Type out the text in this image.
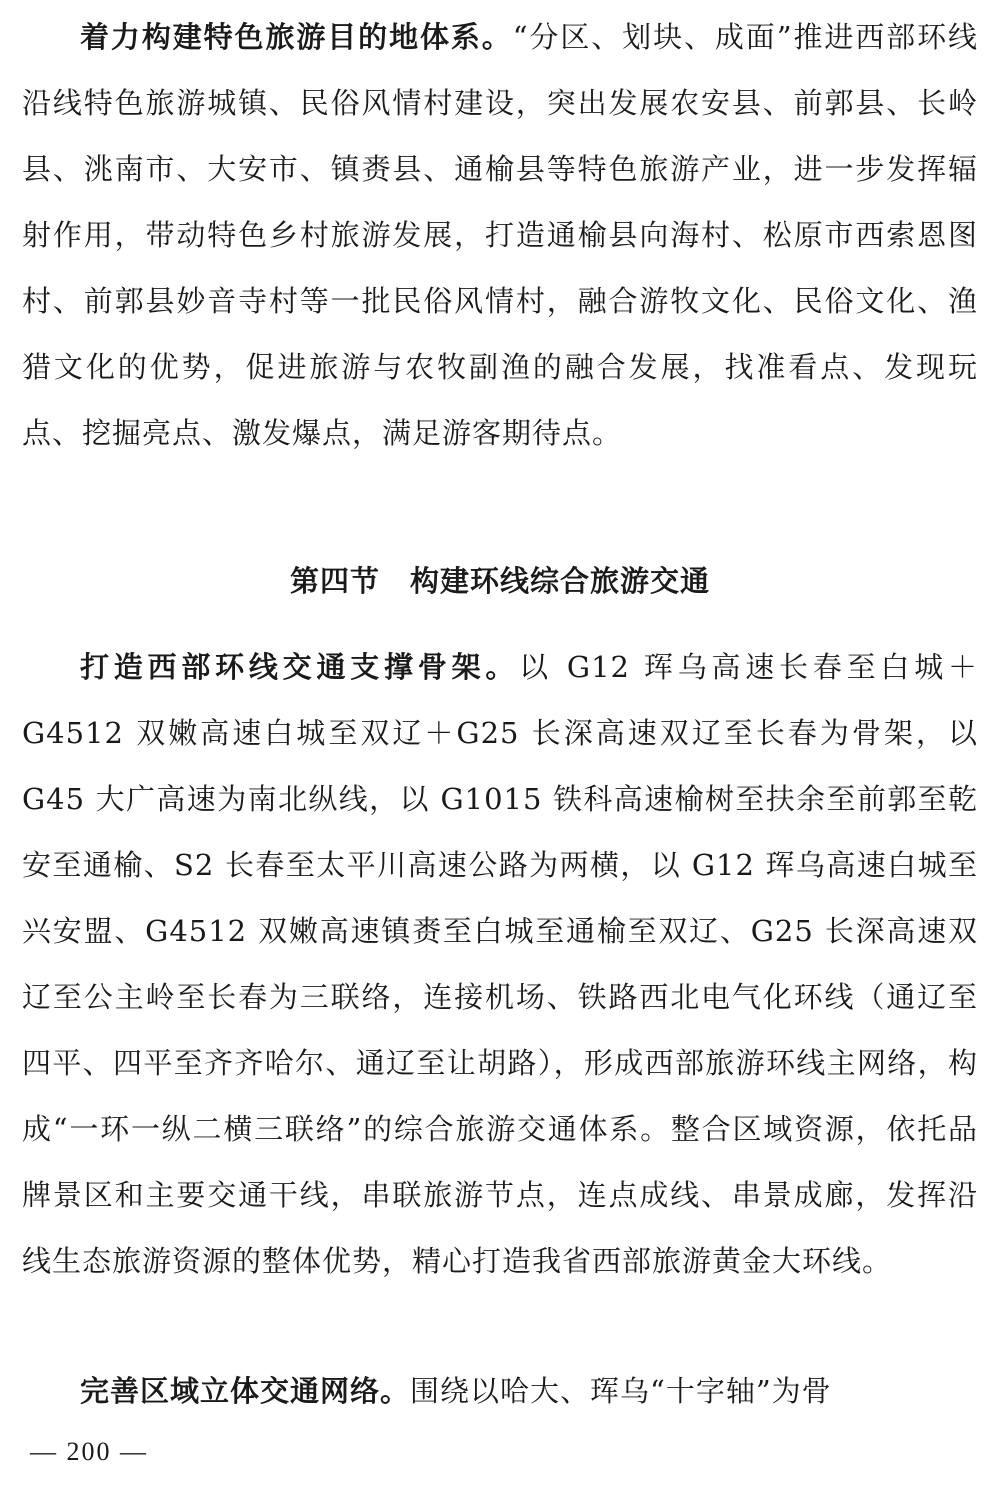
着力构建特色旅游目的地体系。“分区、划块、成面”推进西部环线沿线特色旅游城镇、民俗风情村建设，突出发展农安县、前郭县、长岭县、洮南市、大安市、镇赉县、通榆县等特色旅游产业，进一步发挥辐射作用，带动特色乡村旅游发展，打造通榆县向海村、松原市西索恩图村、前郭县妙音寺村等一批民俗风情村，融合游牧文化、民俗文化、渔猎文化的优势，促进旅游与农牧副渔的融合发展，找准看点、发现玩点、挖掘亮点、激发爆点，满足游客期待点。

第四节　构建环线综合旅游交通

打造西部环线交通支撑骨架。以 G12 珲乌高速长春至白城＋G4512 双嫩高速白城至双辽＋G25 长深高速双辽至长春为骨架，以 G45 大广高速为南北纵线，以 G1015 铁科高速榆树至扶余至前郭至乾安至通榆、S2 长春至太平川高速公路为两横，以 G12 珲乌高速白城至兴安盟、G4512 双嫩高速镇赉至白城至通榆至双辽、G25 长深高速双辽至公主岭至长春为三联络，连接机场、铁路西北电气化环线（通辽至四平、四平至齐齐哈尔、通辽至让胡路），形成西部旅游环线主网络，构成“一环一纵二横三联络”的综合旅游交通体系。整合区域资源，依托品牌景区和主要交通干线，串联旅游节点，连点成线、串景成廊，发挥沿线生态旅游资源的整体优势，精心打造我省西部旅游黄金大环线。

完善区域立体交通网络。围绕以哈大、珲乌“十字轴”为骨

— 200 —
